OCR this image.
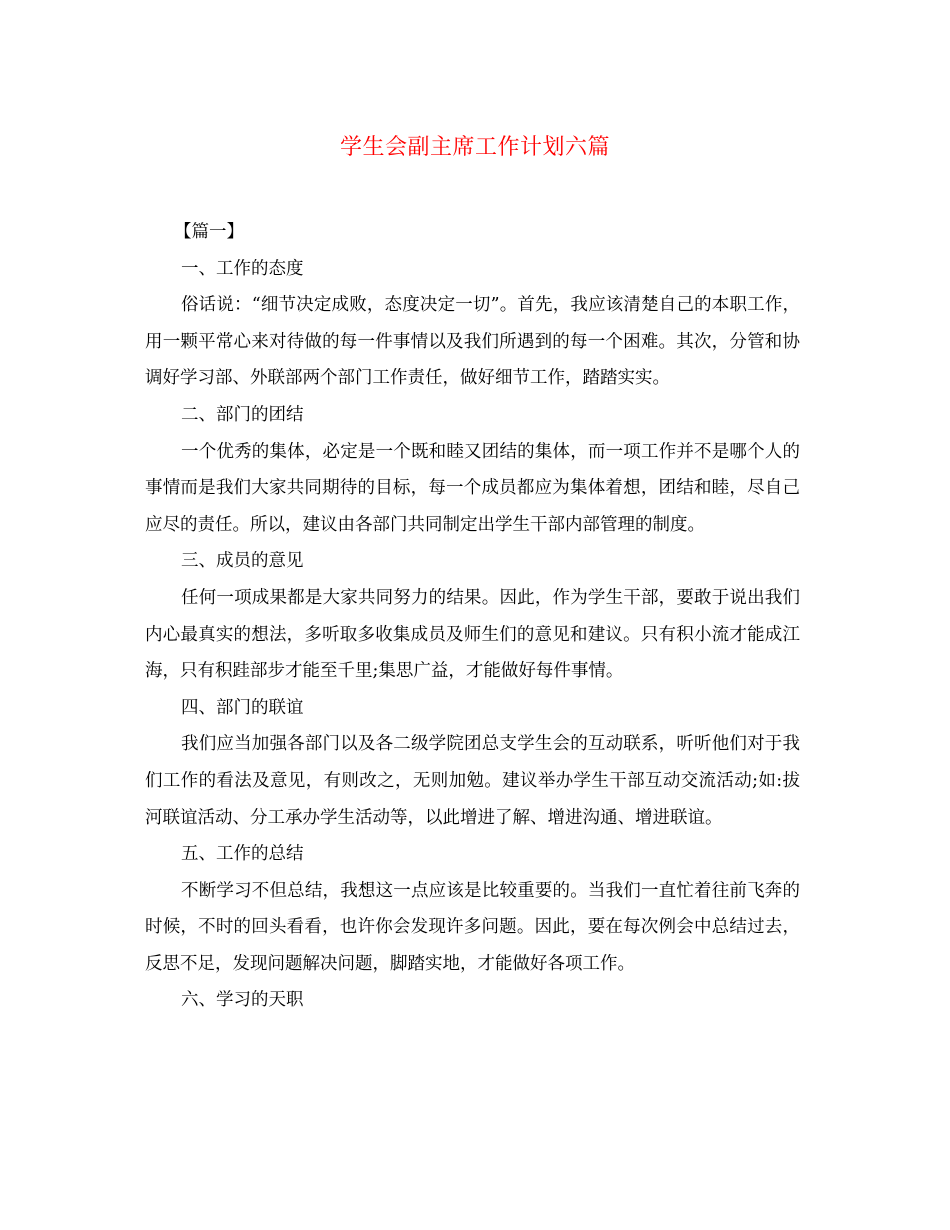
学生会副主席工作计划六篇

【篇一】

一、工作的态度

俗话说：“细节决定成败，态度决定一切”。首先，我应该清楚自己的本职工作，用一颗平常心来对待做的每一件事情以及我们所遇到的每一个困难。其次，分管和协调好学习部、外联部两个部门工作责任，做好细节工作，踏踏实实。

二、部门的团结

一个优秀的集体，必定是一个既和睦又团结的集体，而一项工作并不是哪个人的事情而是我们大家共同期待的目标，每一个成员都应为集体着想，团结和睦，尽自己应尽的责任。所以，建议由各部门共同制定出学生干部内部管理的制度。

三、成员的意见

任何一项成果都是大家共同努力的结果。因此，作为学生干部，要敢于说出我们内心最真实的想法，多听取多收集成员及师生们的意见和建议。只有积小流才能成江海，只有积跬部步才能至千里;集思广益，才能做好每件事情。

四、部门的联谊

我们应当加强各部门以及各二级学院团总支学生会的互动联系，听听他们对于我们工作的看法及意见，有则改之，无则加勉。建议举办学生干部互动交流活动;如:拔河联谊活动、分工承办学生活动等，以此增进了解、增进沟通、增进联谊。

五、工作的总结

不断学习不但总结，我想这一点应该是比较重要的。当我们一直忙着往前飞奔的时候，不时的回头看看，也许你会发现许多问题。因此，要在每次例会中总结过去，反思不足，发现问题解决问题，脚踏实地，才能做好各项工作。

六、学习的天职
